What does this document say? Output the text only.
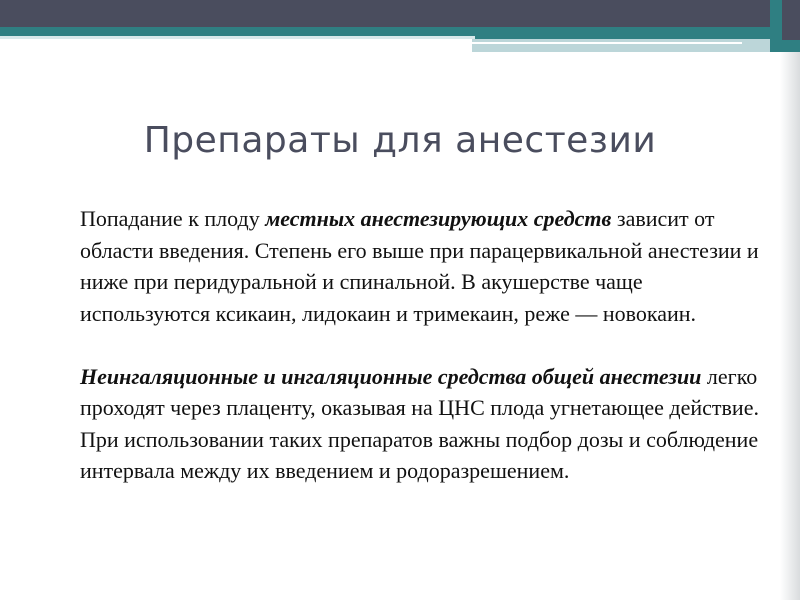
Препараты для анестезии

Попадание к плоду местных анестезирующих средств зависит от области введения. Степень его выше при парацервикальной анестезии и ниже при перидуральной и спинальной. В акушерстве чаще используются ксикаин, лидокаин и тримекаин, реже — новокаин.

Неингаляционные и ингаляционные средства общей анестезии легко проходят через плаценту, оказывая на ЦНС плода угнетающее действие. При использовании таких препаратов важны подбор дозы и соблюдение интервала между их введением и родоразрешением.
